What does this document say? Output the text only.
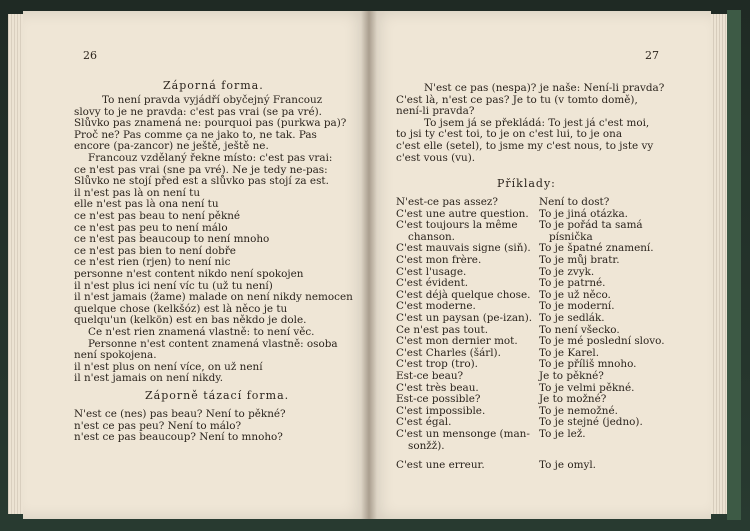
26
Záporná forma.
To není pravda vyjádří obyčejný Francouz
slovy to je ne pravda: c'est pas vrai (se pa vré).
Slůvko pas znamená ne: pourquoi pas (purkwa pa)?
Proč ne? Pas comme ça ne jako to, ne tak. Pas
encore (pa-zancor) ne ještě, ještě ne.
Francouz vzdělaný řekne místo: c'est pas vrai:
ce n'est pas vrai (sne pa vré). Ne je tedy ne-pas:
Slůvko ne stojí před est a slůvko pas stojí za est.
il n'est pas là on není tu
elle n'est pas là ona není tu
ce n'est pas beau to není pěkné
ce n'est pas peu to není málo
ce n'est pas beaucoup to není mnoho
ce n'est pas bien to není dobře
ce n'est rien (rjen) to není nic
personne n'est content nikdo není spokojen
il n'est plus ici není víc tu (už tu není)
il n'est jamais (žame) malade on není nikdy nemocen
quelque chose (kelkšóz) est là něco je tu
quelqu'un (kelkön) est en bas někdo je dole.
Ce n'est rien znamená vlastně: to není věc.
Personne n'est content znamená vlastně: osoba
není spokojena.
il n'est plus on není více, on už není
il n'est jamais on není nikdy.
Záporně tázací forma.
N'est ce (nes) pas beau? Není to pěkné?
n'est ce pas peu? Není to málo?
n'est ce pas beaucoup? Není to mnoho?
27
N'est ce pas (nespa)? je naše: Není-li pravda?
C'est là, n'est ce pas? Je to tu (v tomto domě),
není-li pravda?
To jsem já se překládá: To jest já c'est moi,
to jsi ty c'est toi, to je on c'est lui, to je ona
c'est elle (setel), to jsme my c'est nous, to jste vy
c'est vous (vu).
Příklady:
N'est-ce pas assez?	Není to dost?
C'est une autre question. To je jiná otázka.
C'est toujours la même To je pořád ta samá
chanson.	písnička
C'est mauvais signe (siň). To je špatné znamení.
C'est mon frère.	To je můj bratr.
C'est l'usage.	To je zvyk.
C'est évident.	To je patrné.
C'est déjà quelque chose. To je už něco.
C'est moderne.	To je moderní.
C'est un paysan (pe-izan). To je sedlák.
Ce n'est pas tout.	To není všecko.
C'est mon dernier mot. To je mé poslední slovo.
C'est Charles (šárl).	To je Karel.
C'est trop (tro).	To je příliš mnoho.
Est-ce beau?	Je to pěkné?
C'est très beau.	To je velmi pěkné.
Est-ce possible?	Je to možné?
C'est impossible.	To je nemožné.
C'est égal.	To je stejné (jedno).
C'est un mensonge (man- To je lež.
sonžž).
C'est une erreur.	To je omyl.
